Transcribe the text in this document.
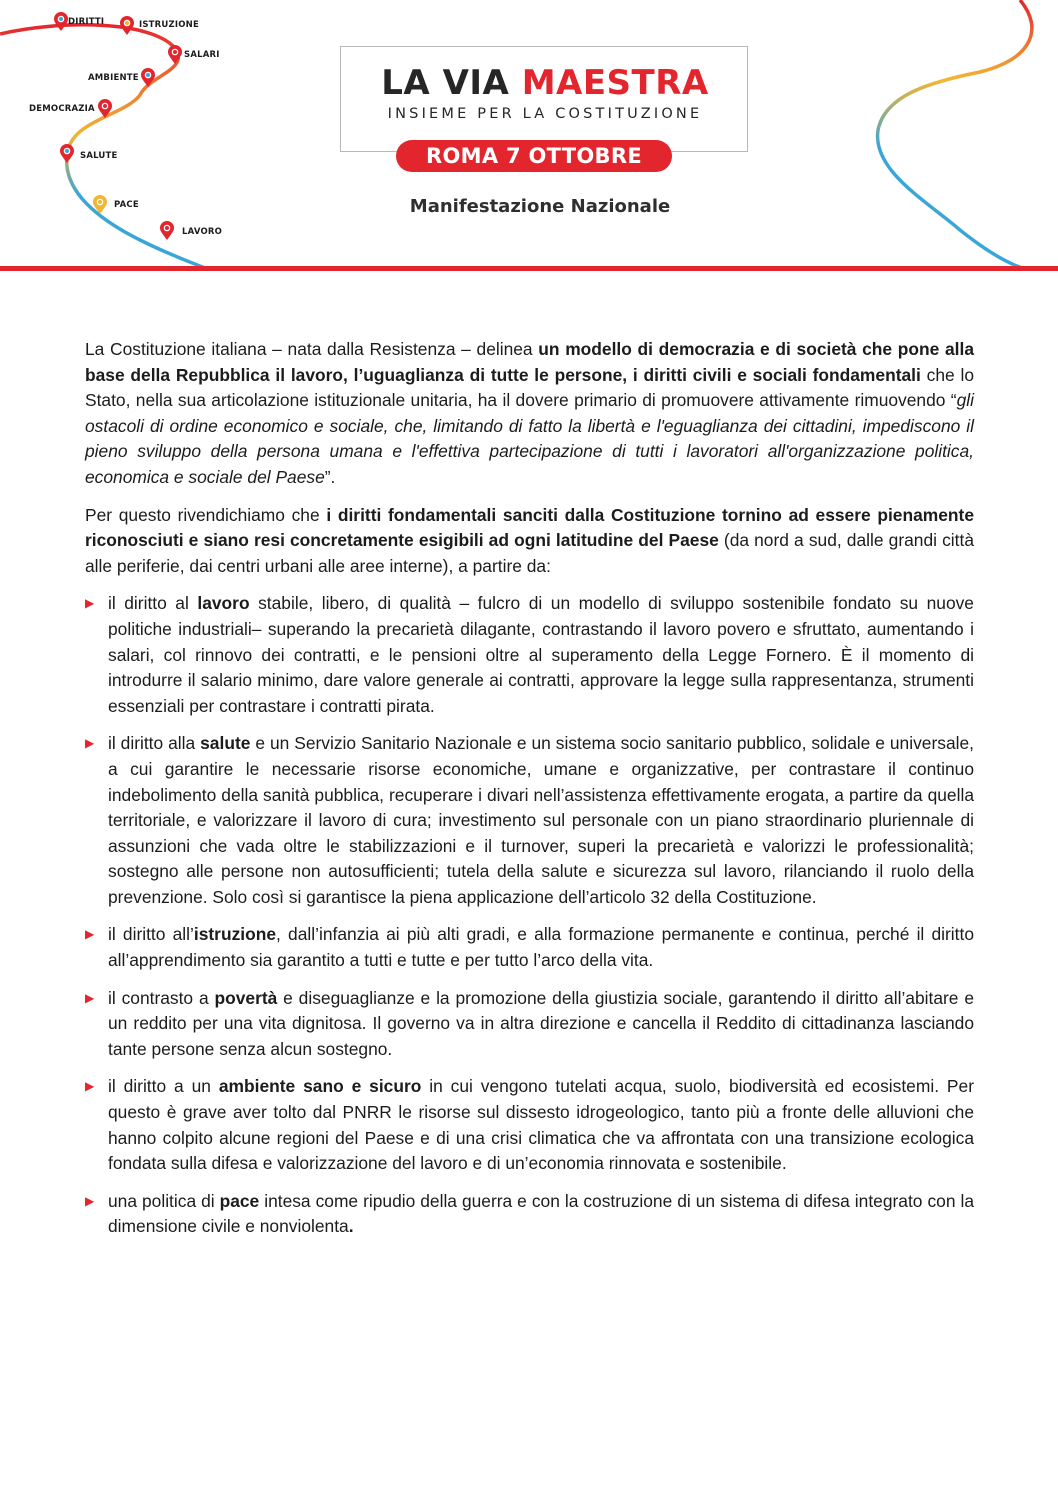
DIRITTI	ISTRUZIONE
SALARI
AMBIENTE
DEMOCRAZIA
SALUTE
PACE
LAVORO
LA VIA MAESTRA
INSIEME PER LA COSTITUZIONE
ROMA 7 OTTOBRE
Manifestazione Nazionale

La Costituzione italiana – nata dalla Resistenza – delinea un modello di democrazia e di società che pone alla base della Repubblica il lavoro, l’uguaglianza di tutte le persone, i diritti civili e sociali fondamentali che lo Stato, nella sua articolazione istituzionale unitaria, ha il dovere primario di promuovere attivamente rimuovendo “gli ostacoli di ordine economico e sociale, che, limitando di fatto la libertà e l'eguaglianza dei cittadini, impediscono il pieno sviluppo della persona umana e l'effettiva partecipazione di tutti i lavoratori all'organizzazione politica, economica e sociale del Paese”.

Per questo rivendichiamo che i diritti fondamentali sanciti dalla Costituzione tornino ad essere pienamente riconosciuti e siano resi concretamente esigibili ad ogni latitudine del Paese (da nord a sud, dalle grandi città alle periferie, dai centri urbani alle aree interne), a partire da:

▶ il diritto al lavoro stabile, libero, di qualità – fulcro di un modello di sviluppo sostenibile fondato su nuove politiche industriali– superando la precarietà dilagante, contrastando il lavoro povero e sfruttato, aumentando i salari, col rinnovo dei contratti, e le pensioni oltre al superamento della Legge Fornero. È il momento di introdurre il salario minimo, dare valore generale ai contratti, approvare la legge sulla rappresentanza, strumenti essenziali per contrastare i contratti pirata.
▶ il diritto alla salute e un Servizio Sanitario Nazionale e un sistema socio sanitario pubblico, solidale e universale, a cui garantire le necessarie risorse economiche, umane e organizzative, per contrastare il continuo indebolimento della sanità pubblica, recuperare i divari nell’assistenza effettivamente erogata, a partire da quella territoriale, e valorizzare il lavoro di cura; investimento sul personale con un piano straordinario pluriennale di assunzioni che vada oltre le stabilizzazioni e il turnover, superi la precarietà e valorizzi le professionalità; sostegno alle persone non autosufficienti; tutela della salute e sicurezza sul lavoro, rilanciando il ruolo della prevenzione. Solo così si garantisce la piena applicazione dell’articolo 32 della Costituzione.
▶ il diritto all’istruzione, dall’infanzia ai più alti gradi, e alla formazione permanente e continua, perché il diritto all’apprendimento sia garantito a tutti e tutte e per tutto l’arco della vita.
▶ il contrasto a povertà e diseguaglianze e la promozione della giustizia sociale, garantendo il diritto all’abitare e un reddito per una vita dignitosa. Il governo va in altra direzione e cancella il Reddito di cittadinanza lasciando tante persone senza alcun sostegno.
▶ il diritto a un ambiente sano e sicuro in cui vengono tutelati acqua, suolo, biodiversità ed ecosistemi. Per questo è grave aver tolto dal PNRR le risorse sul dissesto idrogeologico, tanto più a fronte delle alluvioni che hanno colpito alcune regioni del Paese e di una crisi climatica che va affrontata con una transizione ecologica fondata sulla difesa e valorizzazione del lavoro e di un’economia rinnovata e sostenibile.
▶ una politica di pace intesa come ripudio della guerra e con la costruzione di un sistema di difesa integrato con la dimensione civile e nonviolenta.
